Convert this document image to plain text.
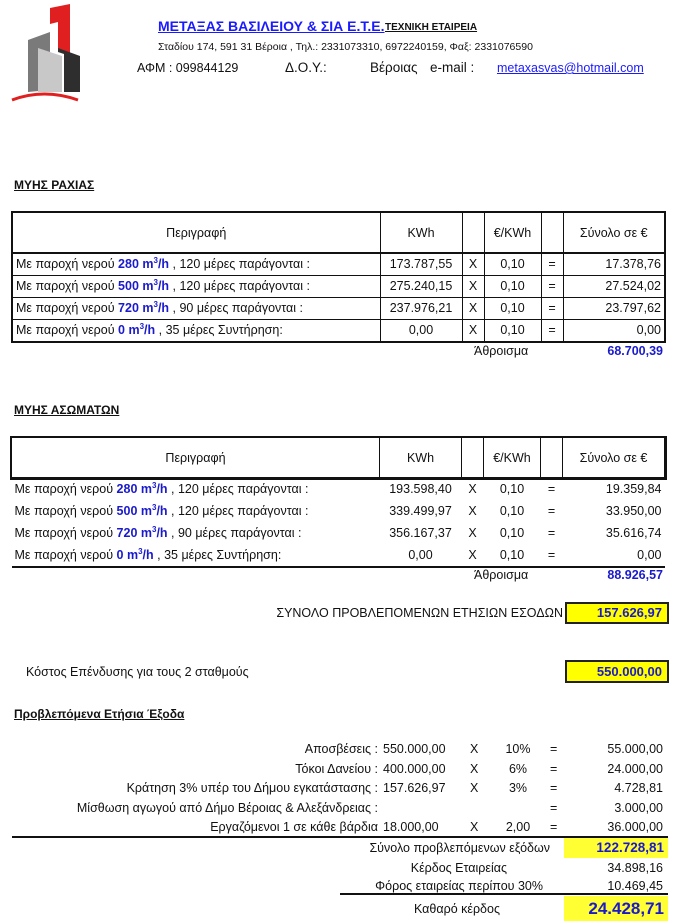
ΜΕΤΑΞΑΣ ΒΑΣΙΛΕΙΟΥ & ΣΙΑ Ε.Τ.Ε. ΤΕΧΝΙΚΗ ΕΤΑΙΡΕΙΑ
Σταδίου 174, 591 31 Βέροια , Τηλ.: 2331073310, 6972240159, Φαξ: 2331076590
ΑΦΜ : 099844129	Δ.Ο.Υ.:	Βέροιας e-mail : metaxasvas@hotmail.com
ΜΥΗΣ ΡΑΧΙΑΣ
Περιγραφή	KWh		€/KWh		Σύνολο σε €
Με παροχή νερού 280 $m^3/h$ , 120 μέρες παράγονται :	173.787,55	X	0,10	=	17.378,76
Με παροχή νερού 500 $m^3/h$ , 120 μέρες παράγονται :	275.240,15	X	0,10	=	27.524,02
Με παροχή νερού 720 $m^3/h$ , 90 μέρες παράγονται :	237.976,21	X	0,10	=	23.797,62
Με παροχή νερού 0 $m^3/h$ , 35 μέρες Συντήρηση:	0,00	X	0,10	=	0,00
Άθροισμα	68.700,39
ΜΥΗΣ ΑΣΩΜΑΤΩΝ
Περιγραφή	KWh		€/KWh		Σύνολο σε €
Με παροχή νερού 280 $m^3/h$ , 120 μέρες παράγονται :	193.598,40	X	0,10	=	19.359,84
Με παροχή νερού 500 $m^3/h$ , 120 μέρες παράγονται :	339.499,97	X	0,10	=	33.950,00
Με παροχή νερού 720 $m^3/h$ , 90 μέρες παράγονται :	356.167,37	X	0,10	=	35.616,74
Με παροχή νερού 0 $m^3/h$ , 35 μέρες Συντήρηση:	0,00	X	0,10	=	0,00
Άθροισμα	88.926,57
ΣΥΝΟΛΟ ΠΡΟΒΛΕΠΟΜΕΝΩΝ ΕΤΗΣΙΩΝ ΕΣΟΔΩΝ	157.626,97
Κόστος Επένδυσης για τους 2 σταθμούς	550.000,00
Προβλεπόμενα Ετήσια Έξοδα
Αποσβέσεις : 550.000,00 X 10% =	55.000,00
Τόκοι Δανείου : 400.000,00 X	6%	=	24.000,00
Κράτηση 3% υπέρ του Δήμου εγκατάστασης : 157.626,97 X	3%	=	4.728,81
Μίσθωση αγωγού από Δήμο Βέροιας & Αλεξάνδρειας :	=	3.000,00
Εργαζόμενοι 1 σε κάθε βάρδια 18.000,00	X 2,00 =	36.000,00
Σύνολο προβλεπόμενων εξόδων	122.728,81
Κέρδος Εταιρείας	34.898,16
Φόρος εταιρείας περίπου 30%	10.469,45
Καθαρό κέρδος	24.428,71
